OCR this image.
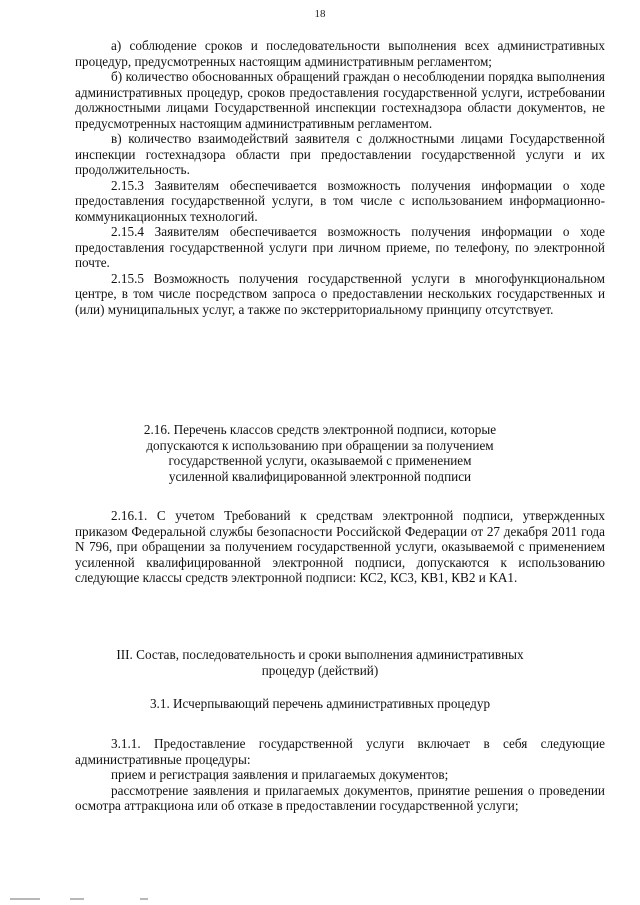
18

а) соблюдение сроков и последовательности выполнения всех административных процедур, предусмотренных настоящим административным регламентом;

б) количество обоснованных обращений граждан о несоблюдении порядка выполнения административных процедур, сроков предоставления государственной услуги, истребовании должностными лицами Государственной инспекции гостехнадзора области документов, не предусмотренных настоящим административным регламентом.

в) количество взаимодействий заявителя с должностными лицами Государственной инспекции гостехнадзора области при предоставлении государственной услуги и их продолжительность.

2.15.3 Заявителям обеспечивается возможность получения информации о ходе предоставления государственной услуги, в том числе с использованием информационно-коммуникационных технологий.

2.15.4 Заявителям обеспечивается возможность получения информации о ходе предоставления государственной услуги при личном приеме, по телефону, по электронной почте.

2.15.5 Возможность получения государственной услуги в многофункциональном центре, в том числе посредством запроса о предоставлении нескольких государственных и (или) муниципальных услуг, а также по экстерриториальному принципу отсутствует.

2.16. Перечень классов средств электронной подписи, которые
допускаются к использованию при обращении за получением
государственной услуги, оказываемой с применением
усиленной квалифицированной электронной подписи

2.16.1. С учетом Требований к средствам электронной подписи, утвержденных приказом Федеральной службы безопасности Российской Федерации от 27 декабря 2011 года N 796, при обращении за получением государственной услуги, оказываемой с применением усиленной квалифицированной электронной подписи, допускаются к использованию следующие классы средств электронной подписи: КС2, КС3, КВ1, КВ2 и КА1.

III. Состав, последовательность и сроки выполнения административных
процедур (действий)
3.1. Исчерпывающий перечень административных процедур

3.1.1. Предоставление государственной услуги включает в себя следующие административные процедуры:

прием и регистрация заявления и прилагаемых документов;

рассмотрение заявления и прилагаемых документов, принятие решения о проведении осмотра аттракциона или об отказе в предоставлении государственной услуги;
